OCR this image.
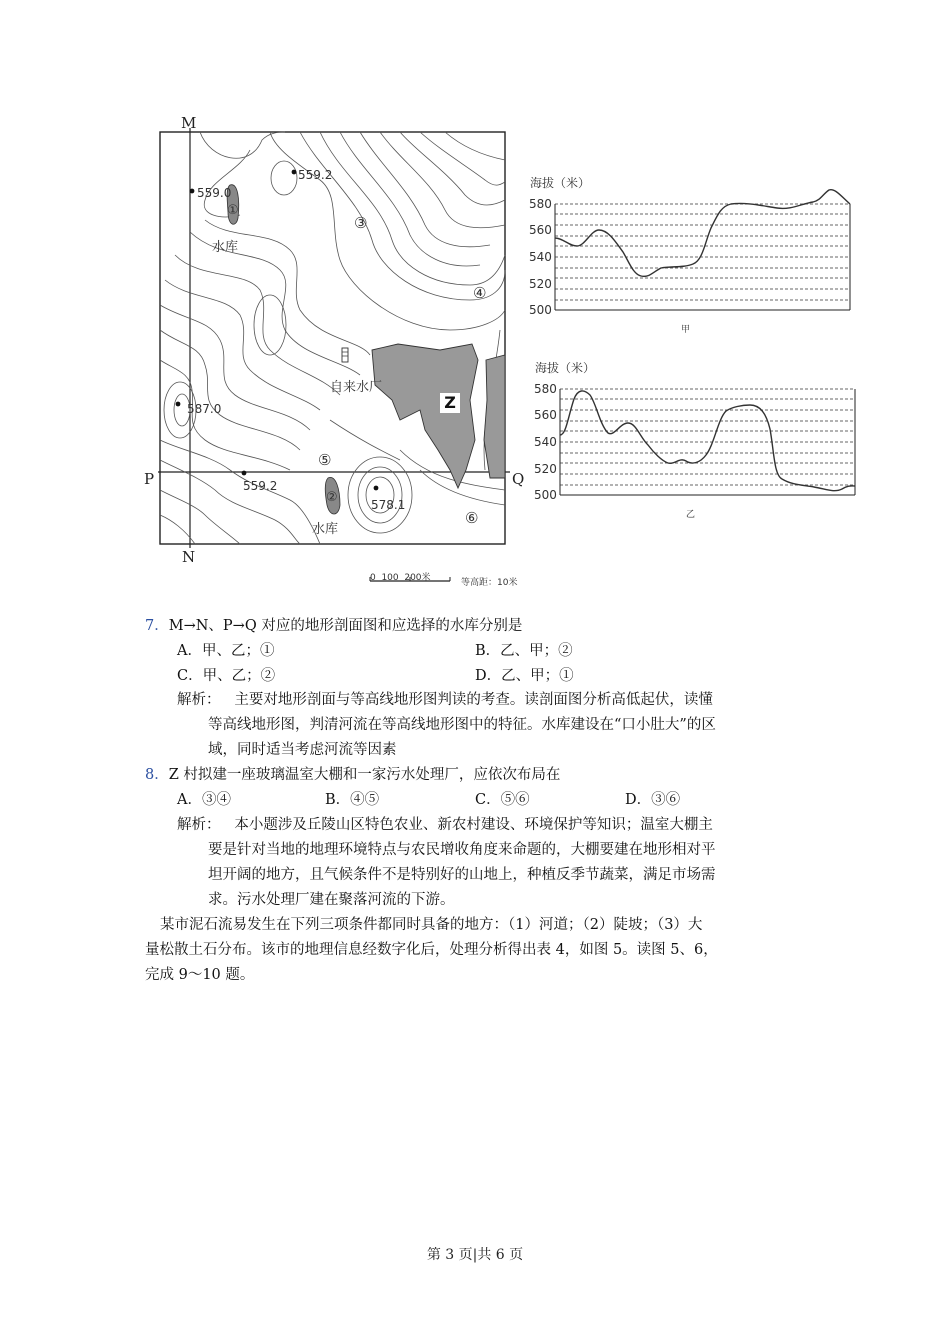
M
N
P	Q
559.0
559.2
587.0
559.2
578.1
①
②
③
④
⑤
⑥
水库
水库
自来水厂
Z
0  100  200米	等高距：10米
海拔（米）
580
560
540
520
500
甲
海拔（米）
580
560
540
520
500
乙
7．M→N、P→Q 对应的地形剖面图和应选择的水库分别是
A．甲、乙；①	B．乙、甲；②
C．甲、乙；②	D．乙、甲；①
解析：   主要对地形剖面与等高线地形图判读的考查。读剖面图分析高低起伏，读懂
等高线地形图，判清河流在等高线地形图中的特征。水库建设在“口小肚大”的区
域，同时适当考虑河流等因素
8．Z 村拟建一座玻璃温室大棚和一家污水处理厂，应依次布局在
A．③④	B．④⑤	C．⑤⑥	D．③⑥
解析：   本小题涉及丘陵山区特色农业、新农村建设、环境保护等知识；温室大棚主
要是针对当地的地理环境特点与农民增收角度来命题的，大棚要建在地形相对平
坦开阔的地方，且气候条件不是特别好的山地上，种植反季节蔬菜，满足市场需
求。污水处理厂建在聚落河流的下游。
某市泥石流易发生在下列三项条件都同时具备的地方：（1）河道；（2）陡坡；（3）大
量松散土石分布。该市的地理信息经数字化后，处理分析得出表 4，如图 5。读图 5、6，
完成 9～10 题。
第 3 页|共 6 页
